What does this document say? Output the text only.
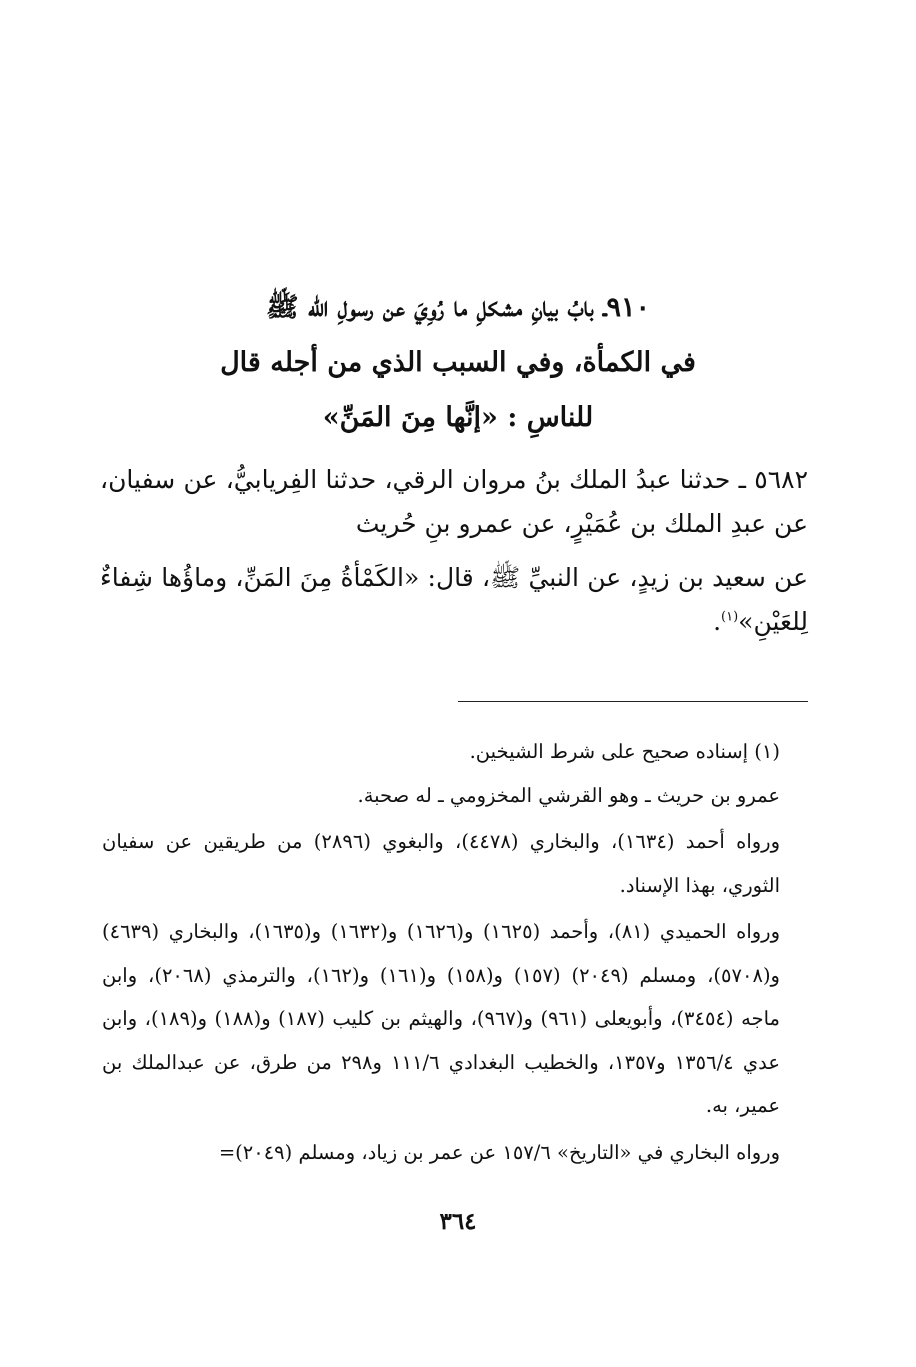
٩١٠ـ بابُ بيانِ مشكلِ ما رُوِيَ عن رسولِ الله ﷺ
في الكمأة، وفي السبب الذي من أجله قال
للناسِ : «إنَّها مِنَ المَنِّ»

٥٦٨٢ ـ حدثنا عبدُ الملك بنُ مروان الرقي، حدثنا الفِريابيُّ، عن سفيان، عن عبدِ الملك بن عُمَيْرٍ، عن عمرو بنِ حُريث

عن سعيد بن زيدٍ، عن النبيِّ ﷺ، قال: «الكَمْأةُ مِنَ المَنِّ، وماؤُها شِفاءٌ لِلعَيْنِ»$^{(١)}$.

(١) إسناده صحيح على شرط الشيخين.

عمرو بن حريث ـ وهو القرشي المخزومي ـ له صحبة.

ورواه أحمد (١٦٣٤)، والبخاري (٤٤٧٨)، والبغوي (٢٨٩٦) من طريقين عن سفيان الثوري، بهذا الإسناد.

ورواه الحميدي (٨١)، وأحمد (١٦٢٥) و(١٦٢٦) و(١٦٣٢) و(١٦٣٥)، والبخاري (٤٦٣٩) و(٥٧٠٨)، ومسلم (٢٠٤٩) (١٥٧) و(١٥٨) و(١٦١) و(١٦٢)، والترمذي (٢٠٦٨)، وابن ماجه (٣٤٥٤)، وأبويعلى (٩٦١) و(٩٦٧)، والهيثم بن كليب (١٨٧) و(١٨٨) و(١٨٩)، وابن عدي ١٣٥٦/٤ و١٣٥٧، والخطيب البغدادي ١١١/٦ و٢٩٨ من طرق، عن عبدالملك بن عمير، به.

ورواه البخاري في «التاريخ» ١٥٧/٦ عن عمر بن زياد، ومسلم (٢٠٤٩)=

٣٦٤
